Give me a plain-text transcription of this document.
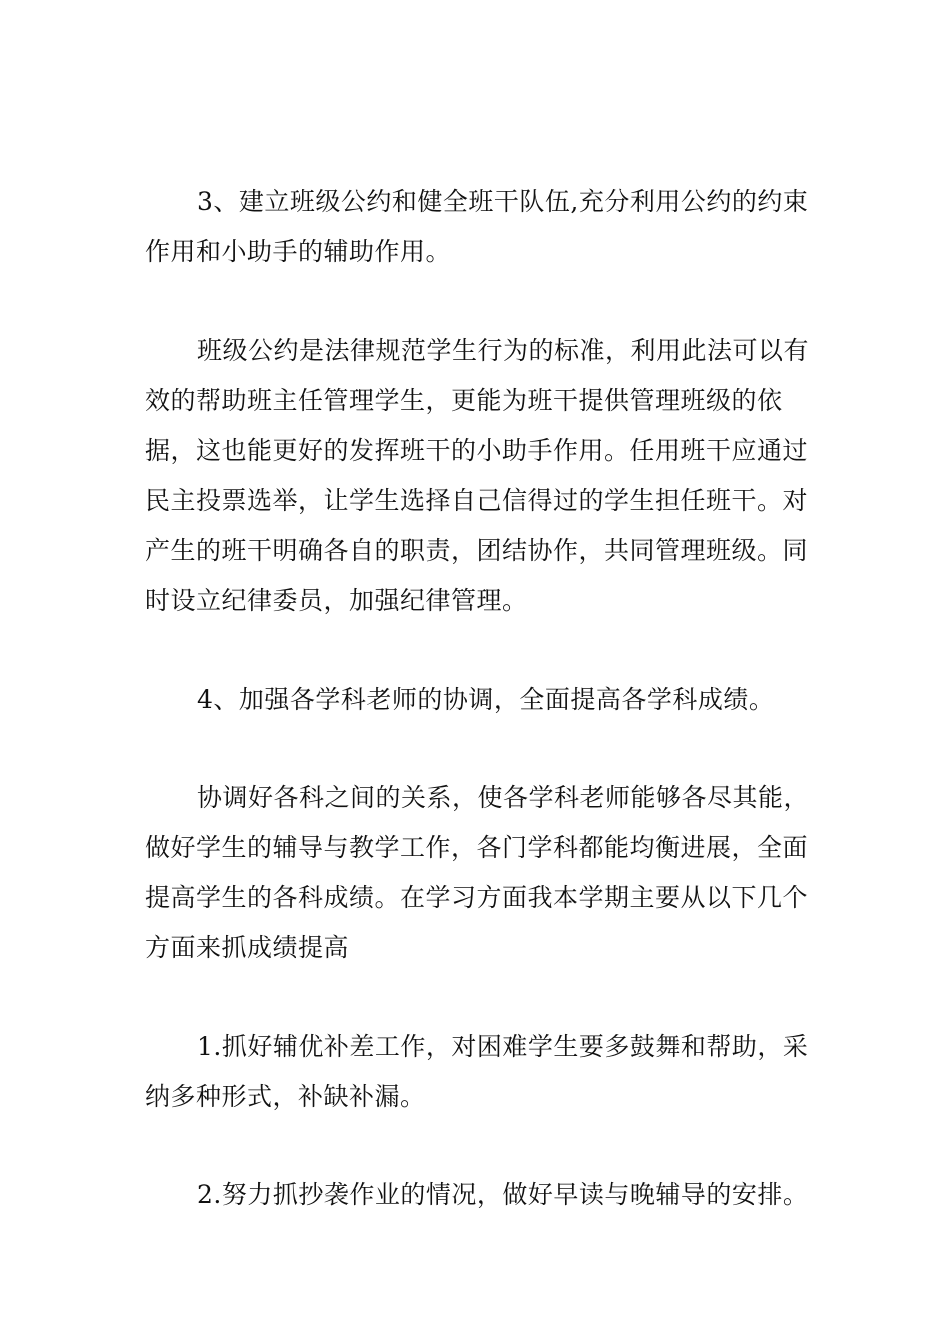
3、建立班级公约和健全班干队伍,充分利用公约的约束作用和小助手的辅助作用。

班级公约是法律规范学生行为的标准，利用此法可以有效的帮助班主任管理学生，更能为班干提供管理班级的依据，这也能更好的发挥班干的小助手作用。任用班干应通过民主投票选举，让学生选择自己信得过的学生担任班干。对产生的班干明确各自的职责，团结协作，共同管理班级。同时设立纪律委员，加强纪律管理。

4、加强各学科老师的协调，全面提高各学科成绩。

协调好各科之间的关系，使各学科老师能够各尽其能，做好学生的辅导与教学工作，各门学科都能均衡进展，全面提高学生的各科成绩。在学习方面我本学期主要从以下几个方面来抓成绩提高

1.抓好辅优补差工作，对困难学生要多鼓舞和帮助，采纳多种形式，补缺补漏。

2.努力抓抄袭作业的情况，做好早读与晚辅导的安排。
